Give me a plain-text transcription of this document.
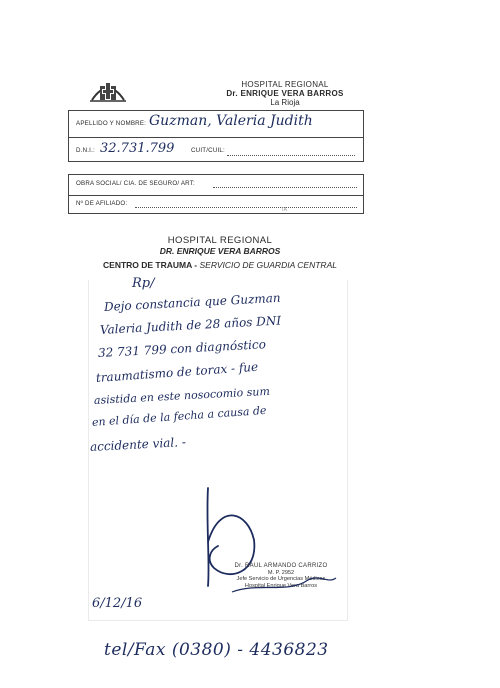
HOSPITAL REGIONAL
Dr. ENRIQUE VERA BARROS
La Rioja
APELLIDO Y NOMBRE: Guzman, Valeria Judith
D.N.I.: 32.731.799	CUIT/CUIL:
OBRA SOCIAL/ CIA. DE SEGURO/ ART:
Nº DE AFILIADO:
TA
HOSPITAL REGIONAL
DR. ENRIQUE VERA BARROS
CENTRO DE TRAUMA - SERVICIO DE GUARDIA CENTRAL
Rp/
Dejo constancia que Guzman
Valeria Judith de 28 años DNI
32 731 799 con diagnóstico
traumatismo de torax - fue
asistida en este nosocomio sum
en el día de la fecha a causa de
accidente vial. -
Dr. RAUL ARMANDO CARRIZO
M. P. 2952
Jefe Servicio de Urgencias Médicas
Hospital Enrique Vera Barros
6/12/16
tel/Fax (0380) - 4436823
